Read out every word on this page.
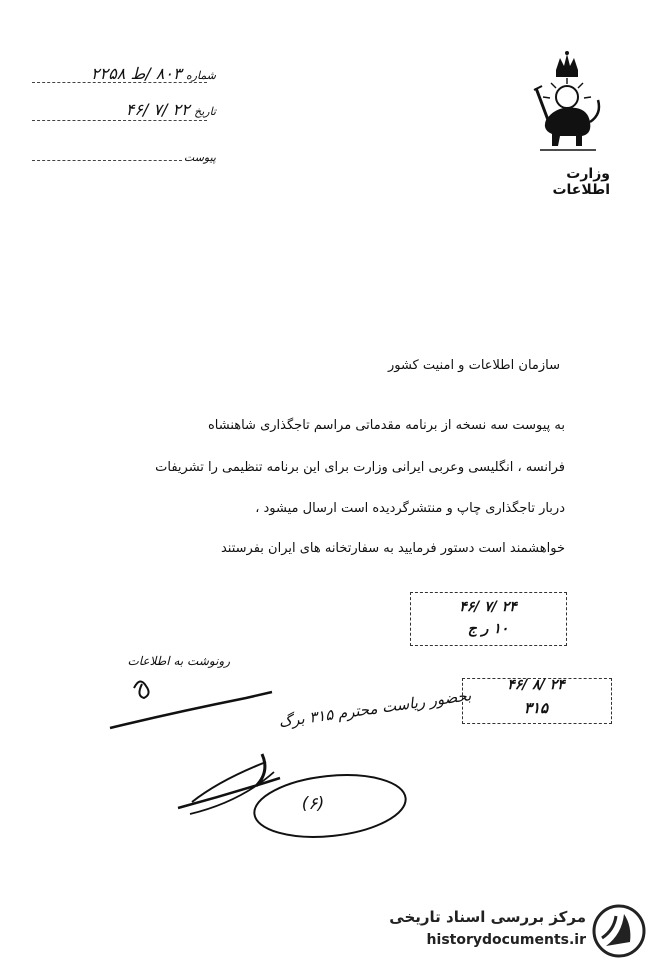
وزارت اطلاعات
شماره ۸۰۳ /ط ۲۲۵۸
تاریخ ۲۲ /۷ /۴۶
پیوست
سازمان اطلاعات و امنیت کشور
به پیوست سه نسخه از برنامه مقدماتی مراسم تاجگذاری شاهنشاه
فرانسه ، انگلیسی وعربی ایرانی وزارت برای این برنامه تنظیمی را تشریفات
دربار تاجگذاری چاپ و منتشرگردیده است ارسال میشود ،
خواهشمند است دستور فرمایید به سفارتخانه های ایران بفرستند
۲۴ /۷ /۴۶
۱۰ ر ج
۲۴ /۸ /۴۶
۳۱۵
رونوشت به اطلاعات
بحضور ریاست محترم ۳۱۵ برگ
(۶)
مرکز بررسی اسناد تاریخی
historydocuments.ir
